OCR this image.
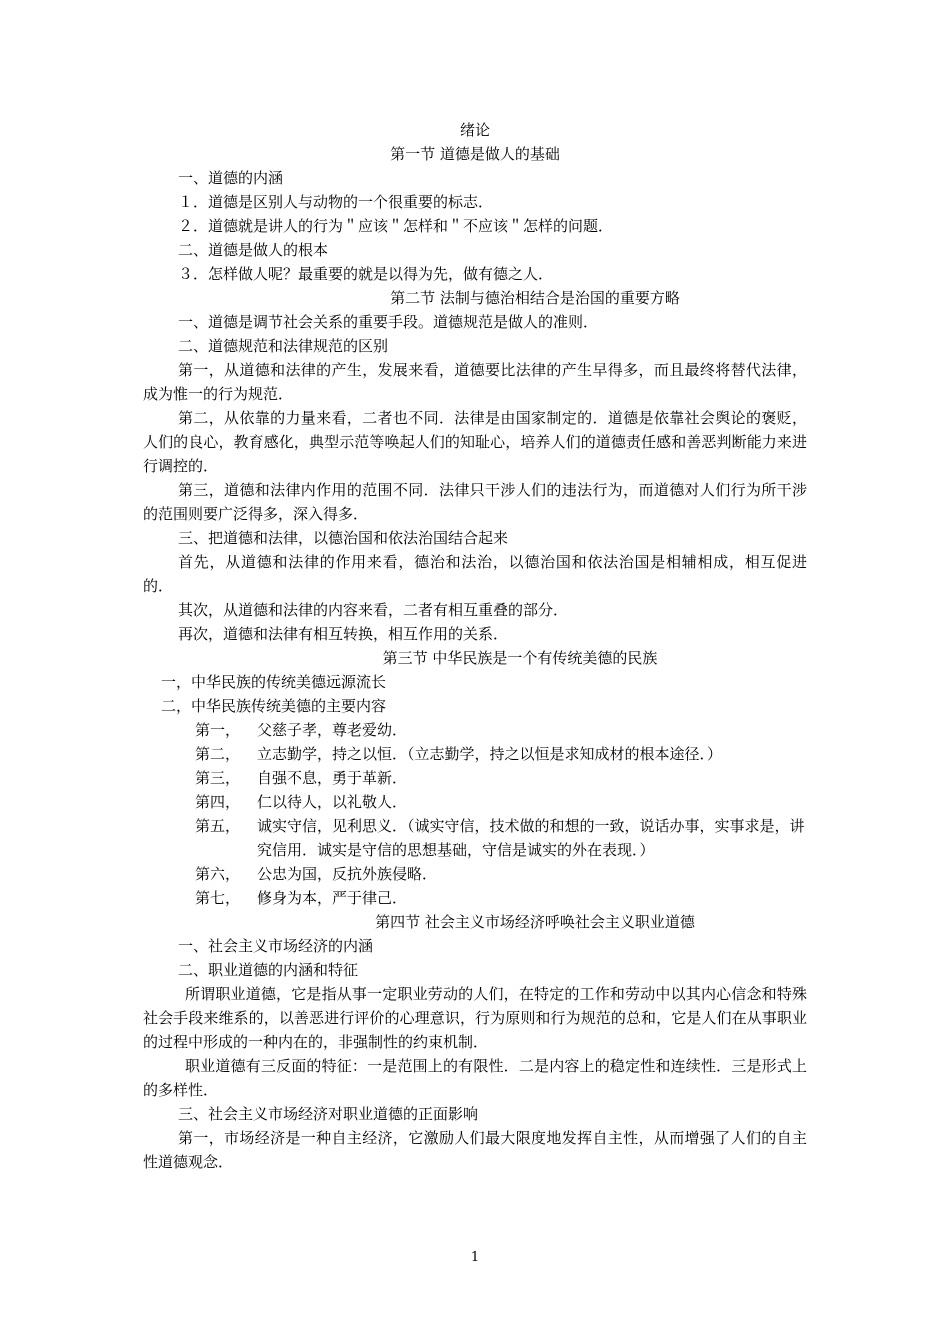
绪论
第一节 道德是做人的基础
一、道德的内涵
１．道德是区别人与动物的一个很重要的标志．
２．道德就是讲人的行为＂应该＂怎样和＂不应该＂怎样的问题．
二、道德是做人的根本
３．怎样做人呢？最重要的就是以得为先，做有德之人．
第二节 法制与德治相结合是治国的重要方略
一、道德是调节社会关系的重要手段。道德规范是做人的准则．
二、道德规范和法律规范的区别
第一，从道德和法律的产生，发展来看，道德要比法律的产生早得多，而且最终将替代法律，成为惟一的行为规范．
第二，从依靠的力量来看，二者也不同．法律是由国家制定的．道德是依靠社会舆论的褒贬，人们的良心，教育感化，典型示范等唤起人们的知耻心，培养人们的道德责任感和善恶判断能力来进行调控的．
第三，道德和法律内作用的范围不同．法律只干涉人们的违法行为，而道德对人们行为所干涉的范围则要广泛得多，深入得多．
三、把道德和法律，以德治国和依法治国结合起来
首先，从道德和法律的作用来看，德治和法治，以德治国和依法治国是相辅相成，相互促进的．
其次，从道德和法律的内容来看，二者有相互重叠的部分．
再次，道德和法律有相互转换，相互作用的关系．
第三节 中华民族是一个有传统美德的民族
一，中华民族的传统美德远源流长
二，中华民族传统美德的主要内容
第一，	父慈子孝，尊老爱幼．
第二，	立志勤学，持之以恒．（立志勤学，持之以恒是求知成材的根本途径．）
第三，	自强不息，勇于革新．
第四，	仁以待人，以礼敬人．
第五，	诚实守信，见利思义．（诚实守信，技术做的和想的一致，说话办事，实事求是，讲究信用．诚实是守信的思想基础，守信是诚实的外在表现．）
第六，	公忠为国，反抗外族侵略．
第七，	修身为本，严于律己．
第四节 社会主义市场经济呼唤社会主义职业道德
一、社会主义市场经济的内涵
二、职业道德的内涵和特征
所谓职业道德，它是指从事一定职业劳动的人们，在特定的工作和劳动中以其内心信念和特殊社会手段来维系的，以善恶进行评价的心理意识，行为原则和行为规范的总和，它是人们在从事职业的过程中形成的一种内在的，非强制性的约束机制．
职业道德有三反面的特征：一是范围上的有限性．二是内容上的稳定性和连续性．三是形式上的多样性．
三、社会主义市场经济对职业道德的正面影响
第一，市场经济是一种自主经济，它激励人们最大限度地发挥自主性，从而增强了人们的自主性道德观念．
1
